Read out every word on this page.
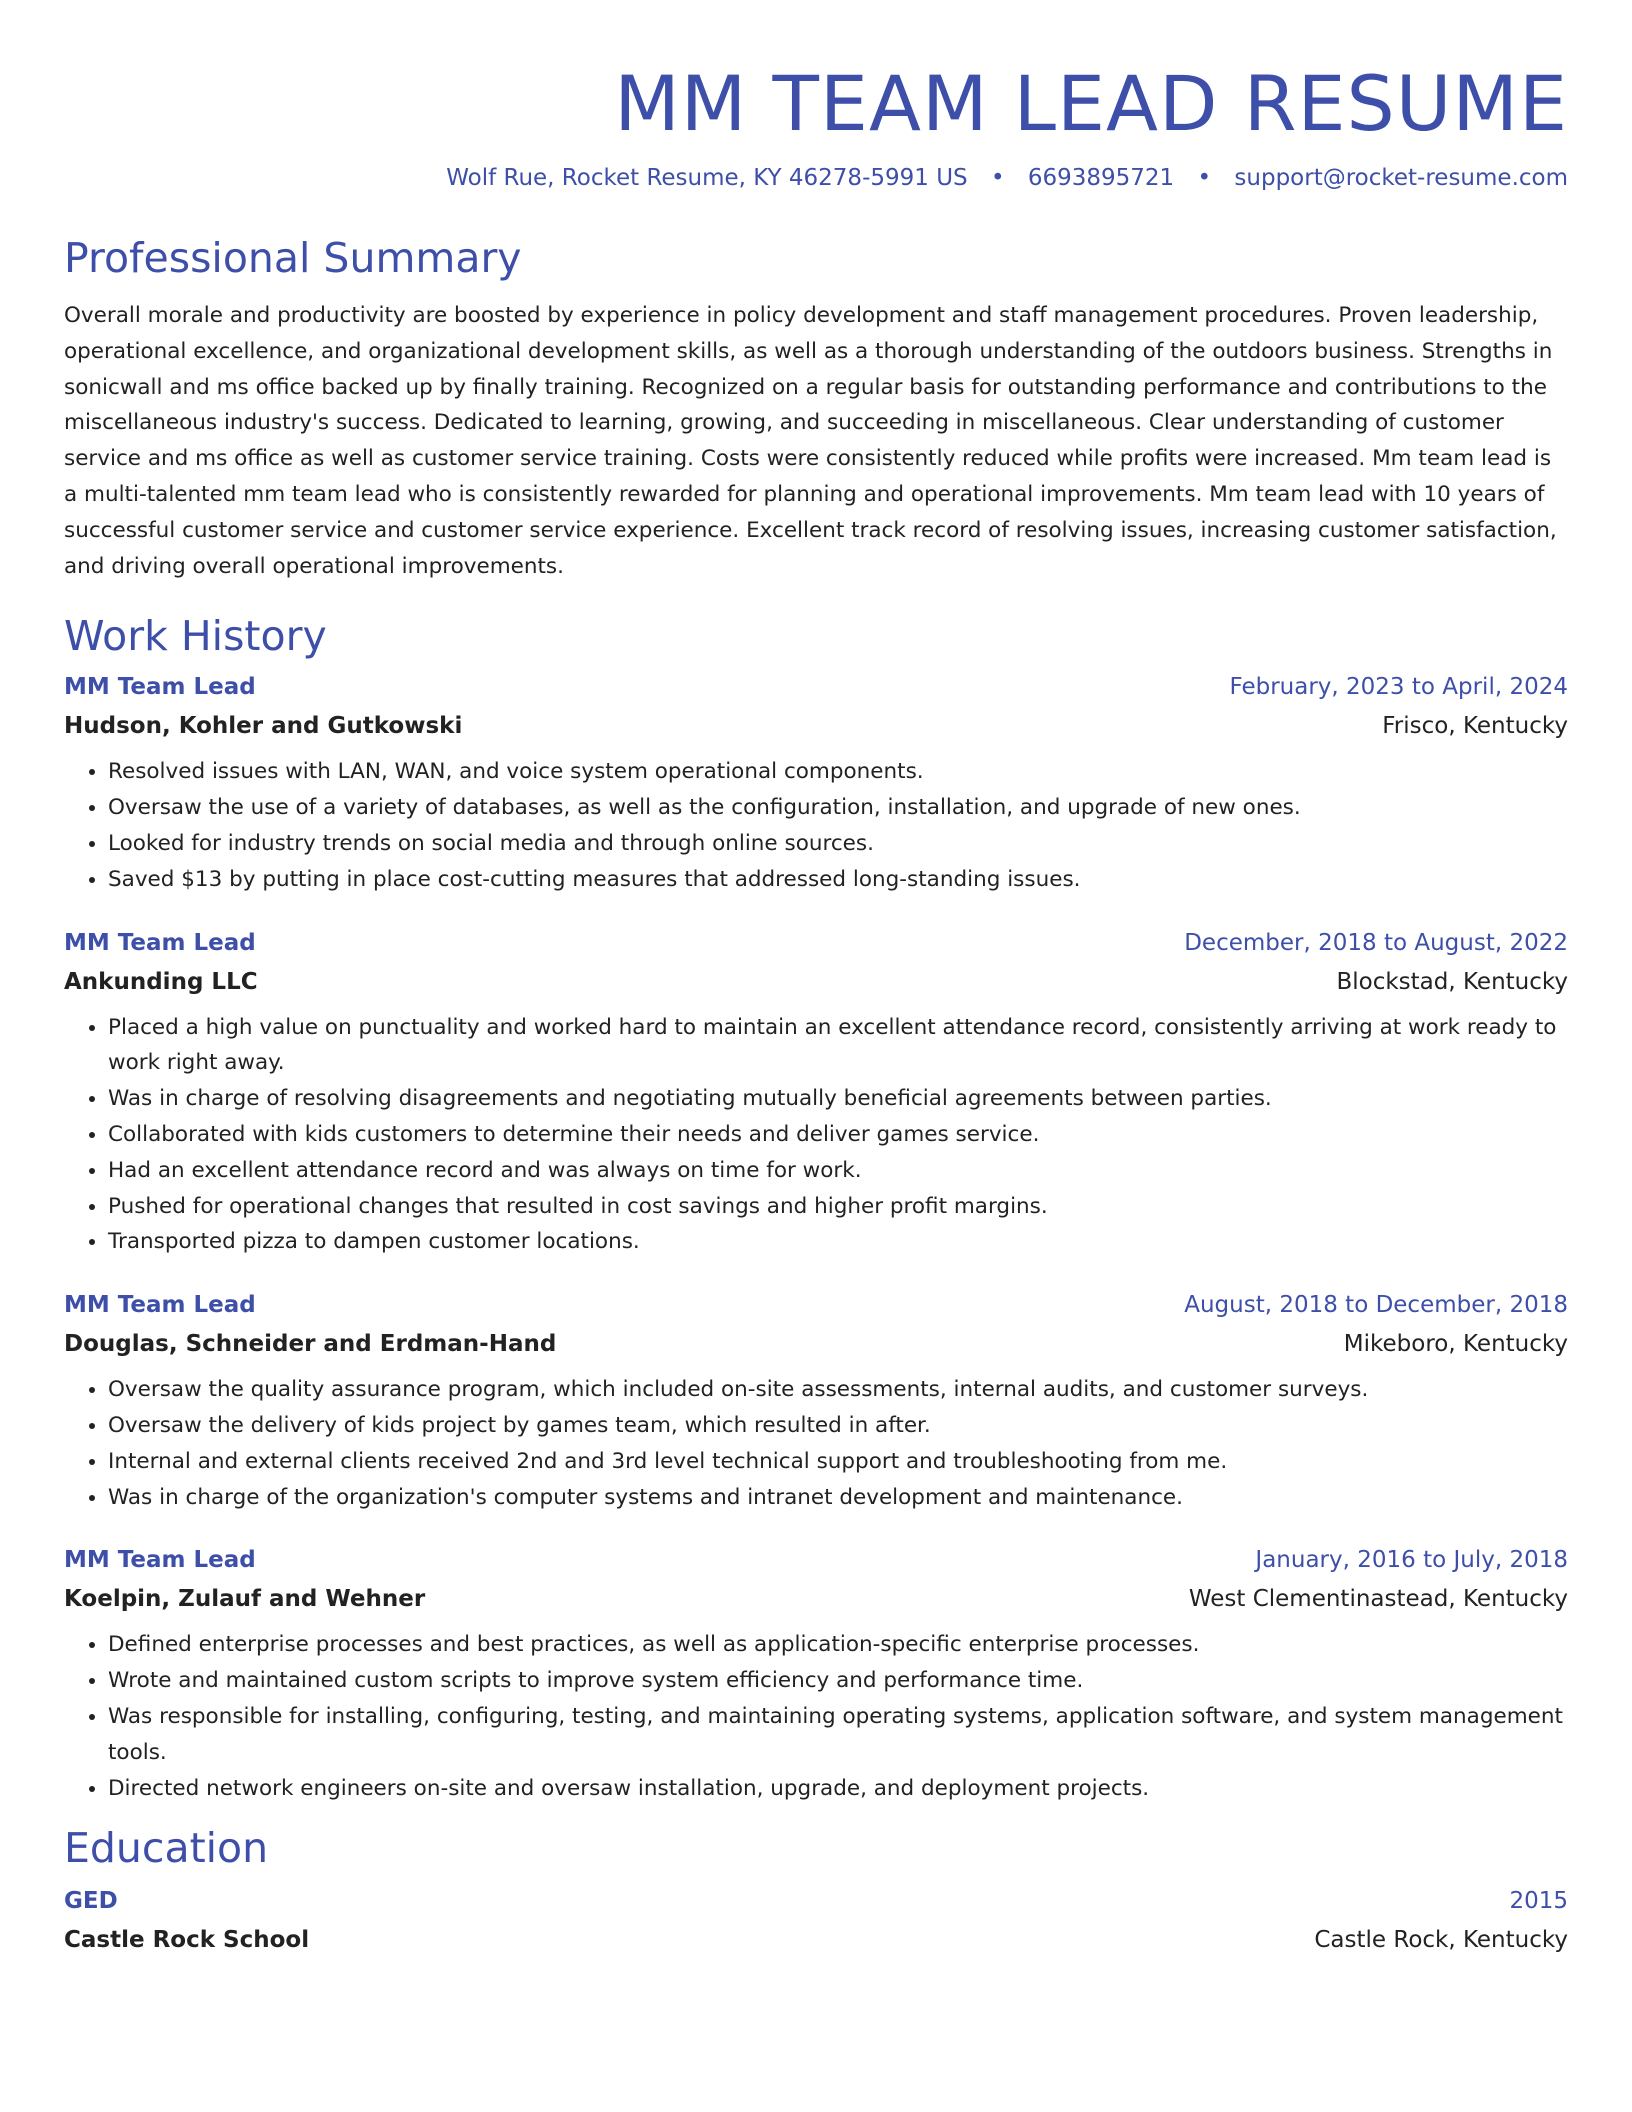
MM TEAM LEAD RESUME
Wolf Rue, Rocket Resume, KY 46278-5991 US • 6693895721 • support@rocket-resume.com
Professional Summary

Overall morale and productivity are boosted by experience in policy development and staff management procedures. Proven leadership, operational excellence, and organizational development skills, as well as a thorough understanding of the outdoors business. Strengths in sonicwall and ms office backed up by finally training. Recognized on a regular basis for outstanding performance and contributions to the miscellaneous industry's success. Dedicated to learning, growing, and succeeding in miscellaneous. Clear understanding of customer service and ms office as well as customer service training. Costs were consistently reduced while profits were increased. Mm team lead is a multi-talented mm team lead who is consistently rewarded for planning and operational improvements. Mm team lead with 10 years of successful customer service and customer service experience. Excellent track record of resolving issues, increasing customer satisfaction, and driving overall operational improvements.

Work History
MM Team Lead	February, 2023 to April, 2024
Hudson, Kohler and Gutkowski	Frisco, Kentucky
• Resolved issues with LAN, WAN, and voice system operational components.
• Oversaw the use of a variety of databases, as well as the configuration, installation, and upgrade of new ones.
• Looked for industry trends on social media and through online sources.
• Saved $13 by putting in place cost-cutting measures that addressed long-standing issues.
MM Team Lead	December, 2018 to August, 2022
Ankunding LLC	Blockstad, Kentucky
• Placed a high value on punctuality and worked hard to maintain an excellent attendance record, consistently arriving at work ready to work right away.
• Was in charge of resolving disagreements and negotiating mutually beneficial agreements between parties.
• Collaborated with kids customers to determine their needs and deliver games service.
• Had an excellent attendance record and was always on time for work.
• Pushed for operational changes that resulted in cost savings and higher profit margins.
• Transported pizza to dampen customer locations.
MM Team Lead	August, 2018 to December, 2018
Douglas, Schneider and Erdman-Hand	Mikeboro, Kentucky
• Oversaw the quality assurance program, which included on-site assessments, internal audits, and customer surveys.
• Oversaw the delivery of kids project by games team, which resulted in after.
• Internal and external clients received 2nd and 3rd level technical support and troubleshooting from me.
• Was in charge of the organization's computer systems and intranet development and maintenance.
MM Team Lead	January, 2016 to July, 2018
Koelpin, Zulauf and Wehner	West Clementinastead, Kentucky
• Defined enterprise processes and best practices, as well as application-specific enterprise processes.
• Wrote and maintained custom scripts to improve system efficiency and performance time.
• Was responsible for installing, configuring, testing, and maintaining operating systems, application software, and system management tools.
• Directed network engineers on-site and oversaw installation, upgrade, and deployment projects.
Education
GED	2015
Castle Rock School	Castle Rock, Kentucky
